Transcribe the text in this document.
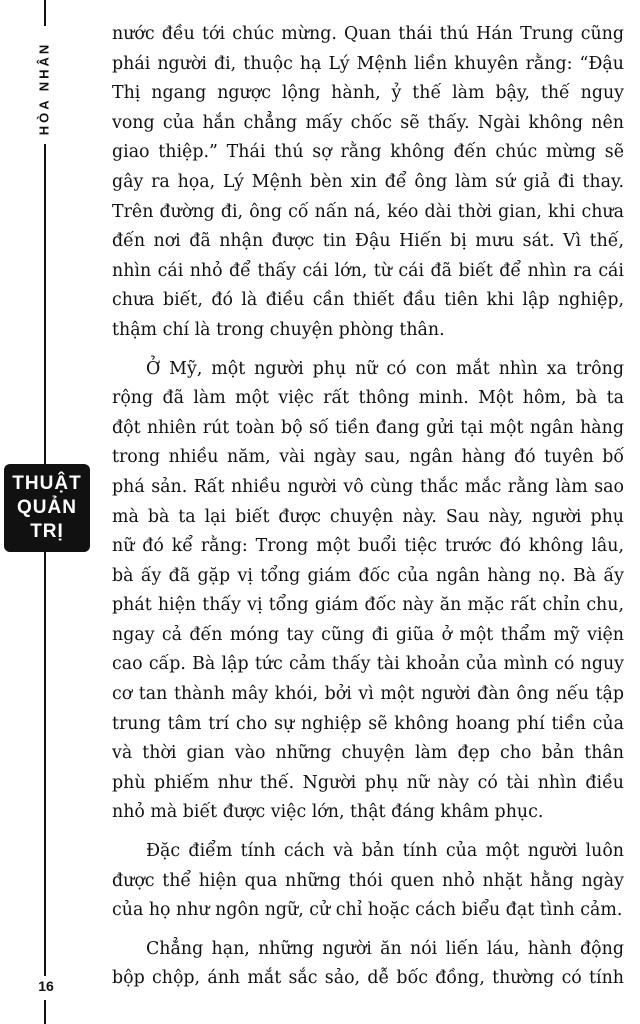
HÒA NHÂN
THUẬT
QUẢN
TRỊ
16

nước đều tới chúc mừng. Quan thái thú Hán Trung cũng
phái người đi, thuộc hạ Lý Mệnh liền khuyên rằng: “Đậu
Thị ngang ngược lộng hành, ỷ thế làm bậy, thế nguy
vong của hắn chẳng mấy chốc sẽ thấy. Ngài không nên
giao thiệp.” Thái thú sợ rằng không đến chúc mừng sẽ
gây ra họa, Lý Mệnh bèn xin để ông làm sứ giả đi thay.
Trên đường đi, ông cố nấn ná, kéo dài thời gian, khi chưa
đến nơi đã nhận được tin Đậu Hiến bị mưu sát. Vì thế,
nhìn cái nhỏ để thấy cái lớn, từ cái đã biết để nhìn ra cái
chưa biết, đó là điều cần thiết đầu tiên khi lập nghiệp,
thậm chí là trong chuyện phòng thân.

Ở Mỹ, một người phụ nữ có con mắt nhìn xa trông
rộng đã làm một việc rất thông minh. Một hôm, bà ta
đột nhiên rút toàn bộ số tiền đang gửi tại một ngân hàng
trong nhiều năm, vài ngày sau, ngân hàng đó tuyên bố
phá sản. Rất nhiều người vô cùng thắc mắc rằng làm sao
mà bà ta lại biết được chuyện này. Sau này, người phụ
nữ đó kể rằng: Trong một buổi tiệc trước đó không lâu,
bà ấy đã gặp vị tổng giám đốc của ngân hàng nọ. Bà ấy
phát hiện thấy vị tổng giám đốc này ăn mặc rất chỉn chu,
ngay cả đến móng tay cũng đi giũa ở một thẩm mỹ viện
cao cấp. Bà lập tức cảm thấy tài khoản của mình có nguy
cơ tan thành mây khói, bởi vì một người đàn ông nếu tập
trung tâm trí cho sự nghiệp sẽ không hoang phí tiền của
và thời gian vào những chuyện làm đẹp cho bản thân
phù phiếm như thế. Người phụ nữ này có tài nhìn điều
nhỏ mà biết được việc lớn, thật đáng khâm phục.

Đặc điểm tính cách và bản tính của một người luôn
được thể hiện qua những thói quen nhỏ nhặt hằng ngày
của họ như ngôn ngữ, cử chỉ hoặc cách biểu đạt tình cảm.

Chẳng hạn, những người ăn nói liến láu, hành động
bộp chộp, ánh mắt sắc sảo, dễ bốc đồng, thường có tính
